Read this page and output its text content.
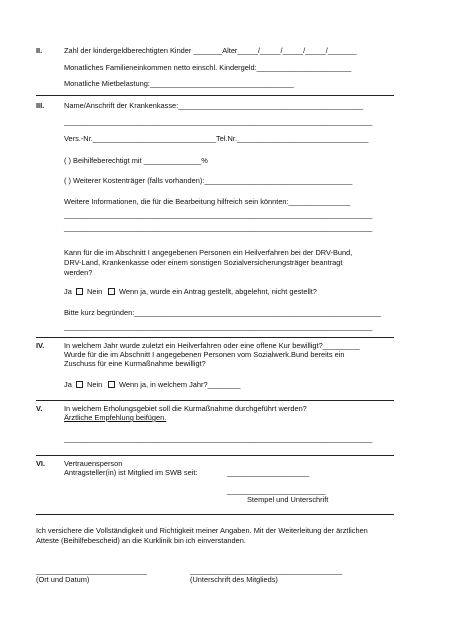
II.	Zahl der kindergeldberechtigten Kinder _______Alter_____/_____/_____/_____/_______
Monatliches Familieneinkommen netto einschl. Kindergeld:_______________________
Monatliche Mietbelastung:___________________________________
III.	Name/Anschrift der Krankenkasse:_____________________________________________
___________________________________________________________________________
Vers.-Nr.______________________________Tel.Nr.________________________________
( ) Beihilfeberechtigt mit ______________%
( ) Weiterer Kostenträger (falls vorhanden):____________________________________
Weitere Informationen, die für die Bearbeitung hilfreich sein könnten:_______________
___________________________________________________________________________
___________________________________________________________________________
Kann für die im Abschnitt I angegebenen Personen ein Heilverfahren bei der DRV-Bund,
DRV-Land, Krankenkasse oder einem sonstigen Sozialversicherungsträger beantragt
werden?
Ja Nein Wenn ja, wurde ein Antrag gestellt, abgelehnt, nicht gestellt?
Bitte kurz begründen:____________________________________________________________
___________________________________________________________________________
IV.	In welchem Jahr wurde zuletzt ein Heilverfahren oder eine offene Kur bewilligt?_________
Wurde für die im Abschnitt I angegebenen Personen vom Sozialwerk.Bund bereits ein
Zuschuss für eine Kurmaßnahme bewilligt?
Ja Nein Wenn ja, in welchem Jahr?________
V.	In welchem Erholungsgebiet soll die Kurmaßnahme durchgeführt werden?
Ärztliche Empfehlung beifügen.
___________________________________________________________________________
VI.	Vertrauensperson
Antragsteller(in) ist Mitglied im SWB seit:	____________________
________________________
Stempel und Unterschrift
Ich versichere die Vollständigkeit und Richtigkeit meiner Angaben. Mit der Weiterleitung der ärztlichen
Atteste (Beihilfebescheid) an die Kurklinik bin ich einverstanden.
___________________________
(Ort und Datum)
_____________________________________
(Unterschrift des Mitglieds)
